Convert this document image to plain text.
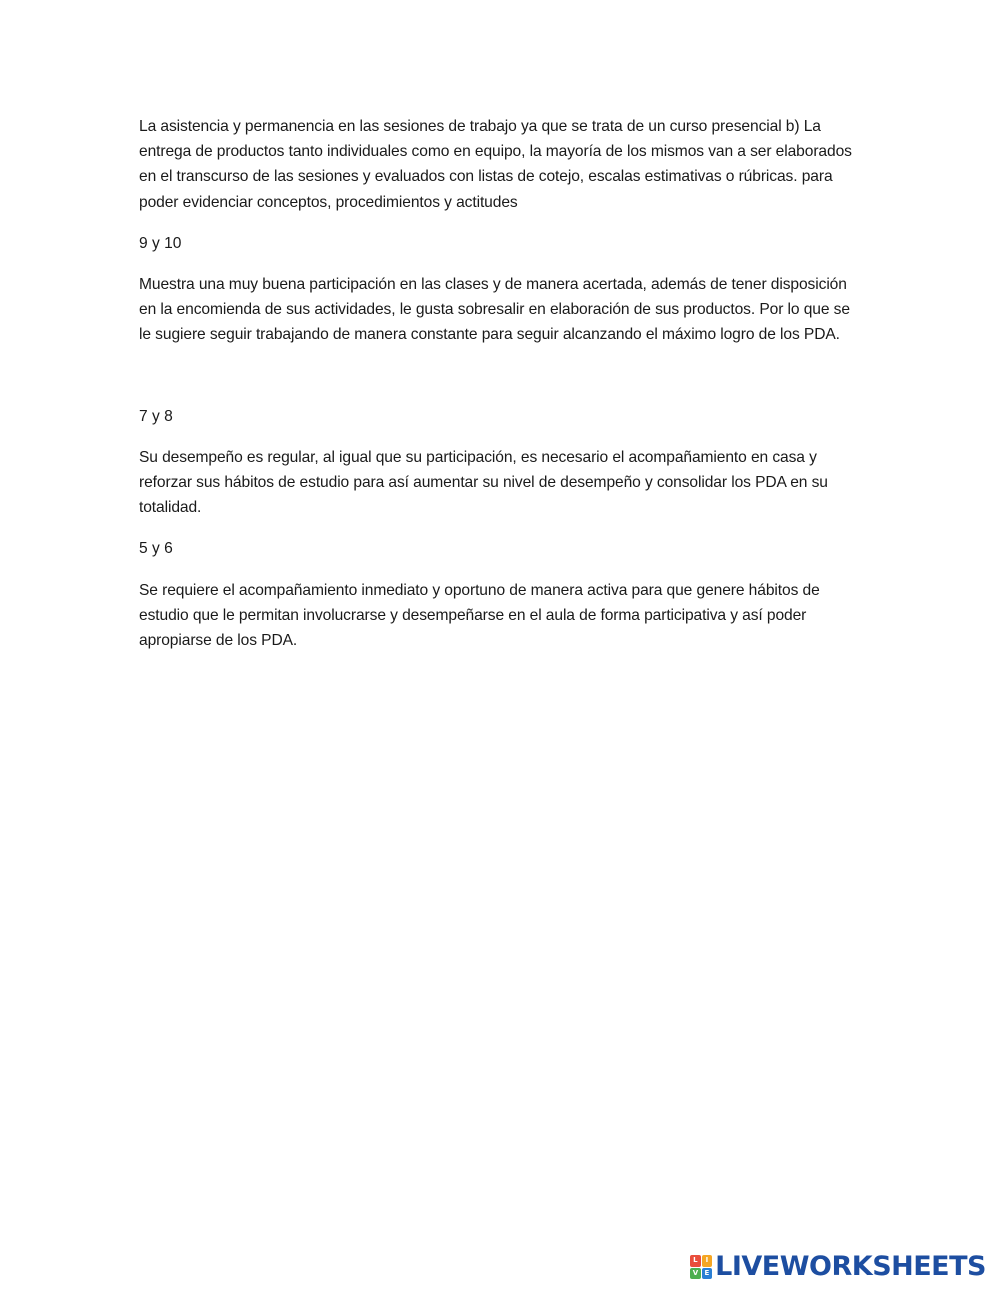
La asistencia y permanencia en las sesiones de trabajo ya que se trata de un curso presencial b) La entrega de productos tanto individuales como en equipo, la mayoría de los mismos van a ser elaborados en el transcurso de las sesiones y evaluados con listas de cotejo, escalas estimativas o rúbricas. para poder evidenciar conceptos, procedimientos y actitudes

9 y 10

Muestra una muy buena participación en las clases y de manera acertada, además de tener disposición en la encomienda de sus actividades, le gusta sobresalir en elaboración de sus productos. Por lo que se le sugiere seguir trabajando de manera constante para seguir alcanzando el máximo logro de los PDA.

7 y 8

Su desempeño es regular, al igual que su participación, es necesario el acompañamiento en casa y reforzar sus hábitos de estudio para así aumentar su nivel de desempeño y consolidar los PDA en su totalidad.

5 y 6

Se requiere el acompañamiento inmediato y oportuno de manera activa para que genere hábitos de estudio que le permitan involucrarse y desempeñarse en el aula de forma participativa y así poder apropiarse de los PDA.

L	I
V E LIVEWORKSHEETS
